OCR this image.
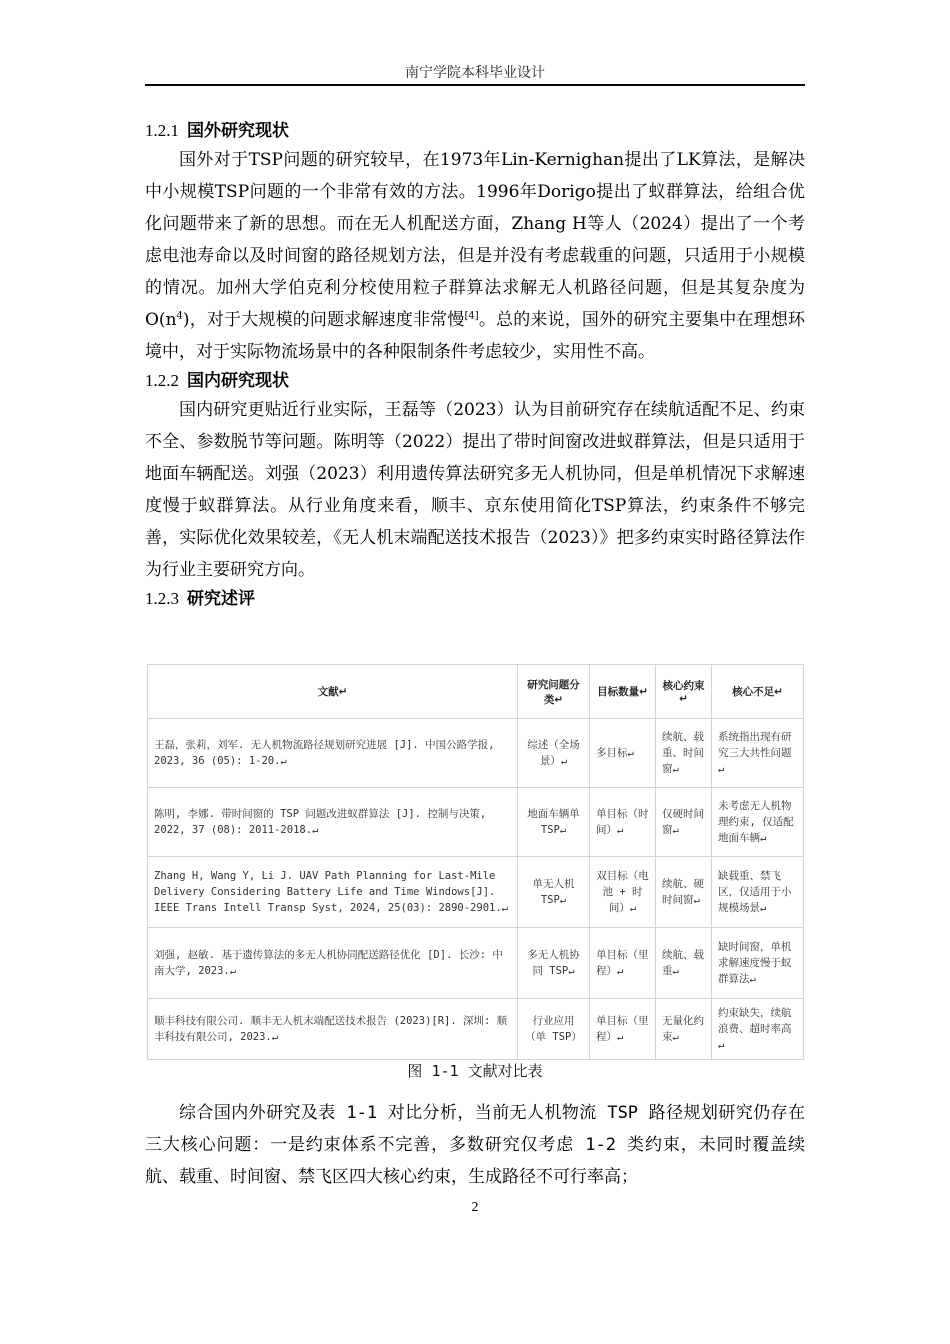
南宁学院本科毕业设计

1.2.1 国外研究现状

国外对于TSP问题的研究较早，在1973年Lin-Kernighan提出了LK算法，是解决中小规模TSP问题的一个非常有效的方法。1996年Dorigo提出了蚁群算法，给组合优化问题带来了新的思想。而在无人机配送方面，Zhang H等人（2024）提出了一个考虑电池寿命以及时间窗的路径规划方法，但是并没有考虑载重的问题，只适用于小规模的情况。加州大学伯克利分校使用粒子群算法求解无人机路径问题，但是其复杂度为$O(n^4)$，对于大规模的问题求解速度非常慢[4]。总的来说，国外的研究主要集中在理想环境中，对于实际物流场景中的各种限制条件考虑较少，实用性不高。

1.2.2 国内研究现状

国内研究更贴近行业实际，王磊等（2023）认为目前研究存在续航适配不足、约束不全、参数脱节等问题。陈明等（2022）提出了带时间窗改进蚁群算法，但是只适用于地面车辆配送。刘强（2023）利用遗传算法研究多无人机协同，但是单机情况下求解速度慢于蚁群算法。从行业角度来看，顺丰、京东使用简化TSP算法，约束条件不够完善，实际优化效果较差，《无人机末端配送技术报告（2023）》把多约束实时路径算法作为行业主要研究方向。

1.2.3 研究述评

文献↵	研究问题分类↵	目标数量↵	核心约束↵	核心不足↵
王磊，张莉，刘军. 无人机物流路径规划研究进展 [J]. 中国公路学报, 2023, 36 (05): 1-20.↵	综述（全场景）↵	多目标↵	续航、载重、时间窗↵	系统指出现有研究三大共性问题↵
陈明, 李娜. 带时间窗的 TSP 问题改进蚁群算法 [J]. 控制与决策, 2022, 37 (08): 2011-2018.↵	地面车辆单TSP↵	单目标（时间）↵	仅硬时间窗↵	未考虑无人机物理约束, 仅适配地面车辆↵
Zhang H, Wang Y, Li J. UAV Path Planning for Last-Mile Delivery Considering Battery Life and Time Windows[J]. IEEE Trans Intell Transp Syst, 2024, 25(03): 2890-2901.↵	单无人机TSP↵	双目标（电池 + 时间）↵	续航、硬时间窗↵	缺载重、禁飞区，仅适用于小规模场景↵
刘强, 赵敏. 基于遗传算法的多无人机协同配送路径优化 [D]. 长沙: 中南大学, 2023.↵	多无人机协同 TSP↵	单目标（里程）↵	续航、载重↵	缺时间窗，单机求解速度慢于蚁群算法↵
顺丰科技有限公司. 顺丰无人机末端配送技术报告 (2023)[R]. 深圳: 顺丰科技有限公司, 2023.↵	行业应用（单 TSP）	单目标（里程）↵	无量化约束↵	约束缺失，续航浪费、超时率高↵
图 1-1 文献对比表

综合国内外研究及表 1-1 对比分析，当前无人机物流 TSP 路径规划研究仍存在三大核心问题：一是约束体系不完善，多数研究仅考虑 1-2 类约束，未同时覆盖续航、载重、时间窗、禁飞区四大核心约束，生成路径不可行率高；

2
